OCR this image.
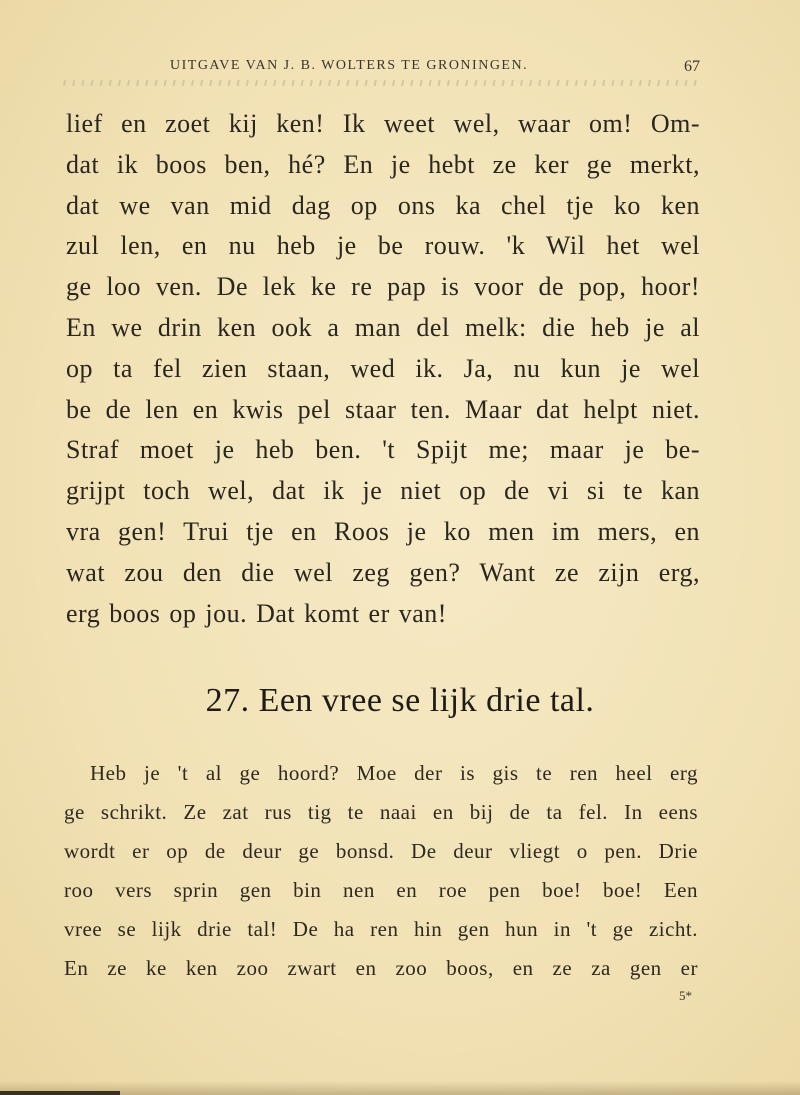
UITGAVE VAN J. B. WOLTERS TE GRONINGEN.	67
lief en zoet kij ken! Ik weet wel, waar om! Om-
dat ik boos ben, hé? En je hebt ze ker ge merkt,
dat we van mid dag op ons ka chel tje ko ken
zul len, en nu heb je be rouw. 'k Wil het wel
ge loo ven. De lek ke re pap is voor de pop, hoor!
En we drin ken ook a man del melk: die heb je al
op ta fel zien staan, wed ik. Ja, nu kun je wel
be de len en kwis pel staar ten. Maar dat helpt niet.
Straf moet je heb ben. 't Spijt me; maar je be-
grijpt toch wel, dat ik je niet op de vi si te kan
vra gen! Trui tje en Roos je ko men im mers, en
wat zou den die wel zeg gen? Want ze zijn erg,
erg boos op jou. Dat komt er van!
27. Een vree se lijk drie tal.
Heb je 't al ge hoord? Moe der is gis te ren heel erg
ge schrikt. Ze zat rus tig te naai en bij de ta fel. In eens
wordt er op de deur ge bonsd. De deur vliegt o pen. Drie
roo vers sprin gen bin nen en roe pen boe! boe! Een
vree se lijk drie tal! De ha ren hin gen hun in 't ge zicht.
En ze ke ken zoo zwart en zoo boos, en ze za gen er
5*
